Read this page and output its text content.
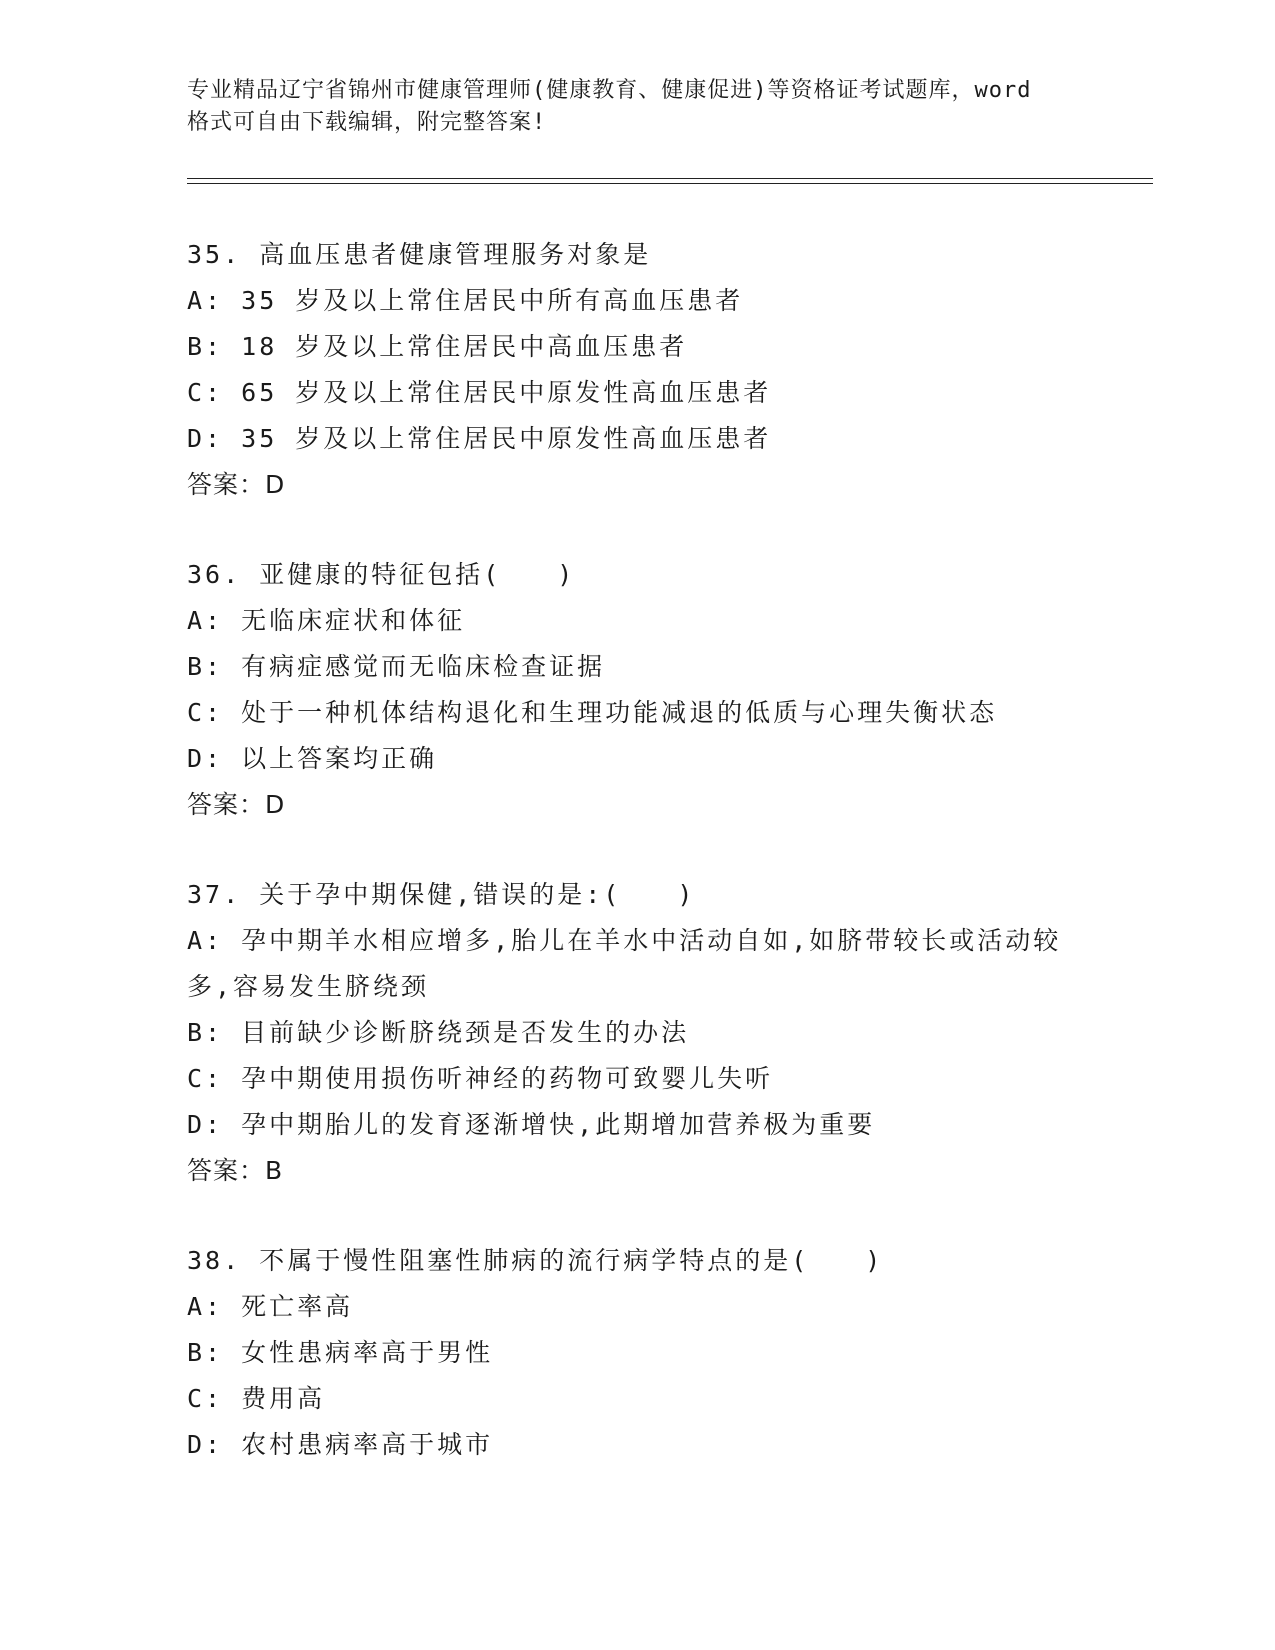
专业精品辽宁省锦州市健康管理师(健康教育、健康促进)等资格证考试题库，word
格式可自由下载编辑，附完整答案!
35. 高血压患者健康管理服务对象是
A: 35 岁及以上常住居民中所有高血压患者
B: 18 岁及以上常住居民中高血压患者
C: 65 岁及以上常住居民中原发性高血压患者
D: 35 岁及以上常住居民中原发性高血压患者
答案：D
36. 亚健康的特征包括(　　)
A: 无临床症状和体征
B: 有病症感觉而无临床检查证据
C: 处于一种机体结构退化和生理功能减退的低质与心理失衡状态
D: 以上答案均正确
答案：D
37. 关于孕中期保健,错误的是:(　　)
A: 孕中期羊水相应增多,胎儿在羊水中活动自如,如脐带较长或活动较多,容易发生脐绕颈
B: 目前缺少诊断脐绕颈是否发生的办法
C: 孕中期使用损伤听神经的药物可致婴儿失听
D: 孕中期胎儿的发育逐渐增快,此期增加营养极为重要
答案：B
38. 不属于慢性阻塞性肺病的流行病学特点的是(　　)
A: 死亡率高
B: 女性患病率高于男性
C: 费用高
D: 农村患病率高于城市
